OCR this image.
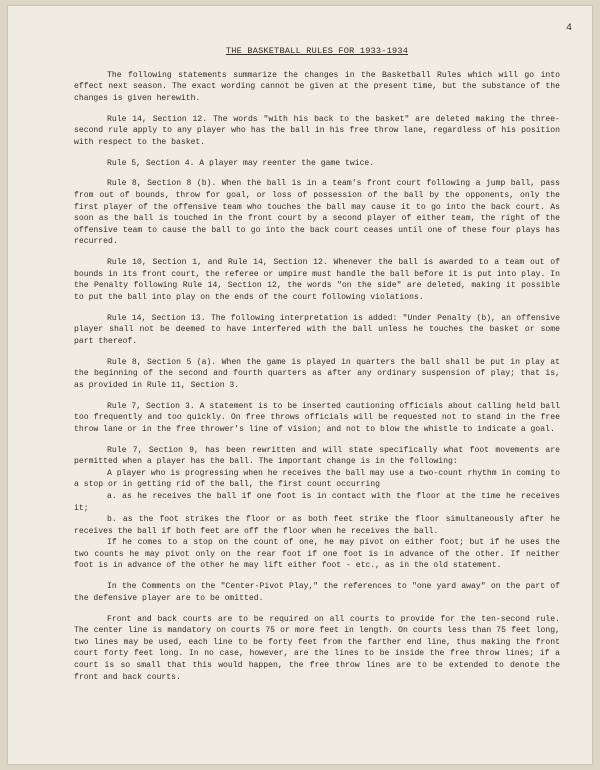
4
THE BASKETBALL RULES FOR 1933-1934

The following statements summarize the changes in the Basketball Rules which will go into effect next season. The exact wording cannot be given at the present time, but the substance of the changes is given herewith.

Rule 14, Section 12. The words "with his back to the basket" are deleted making the three-second rule apply to any player who has the ball in his free throw lane, regardless of his position with respect to the basket.

Rule 5, Section 4. A player may reenter the game twice.

Rule 8, Section 8 (b). When the ball is in a team's front court following a jump ball, pass from out of bounds, throw for goal, or loss of possession of the ball by the opponents, only the first player of the offensive team who touches the ball may cause it to go into the back court. As soon as the ball is touched in the front court by a second player of either team, the right of the offensive team to cause the ball to go into the back court ceases until one of these four plays has recurred.

Rule 10, Section 1, and Rule 14, Section 12. Whenever the ball is awarded to a team out of bounds in its front court, the referee or umpire must handle the ball before it is put into play. In the Penalty following Rule 14, Section 12, the words "on the side" are deleted, making it possible to put the ball into play on the ends of the court following violations.

Rule 14, Section 13. The following interpretation is added: "Under Penalty (b), an offensive player shall not be deemed to have interfered with the ball unless he touches the basket or some part thereof.

Rule 8, Section 5 (a). When the game is played in quarters the ball shall be put in play at the beginning of the second and fourth quarters as after any ordinary suspension of play; that is, as provided in Rule 11, Section 3.

Rule 7, Section 3. A statement is to be inserted cautioning officials about calling held ball too frequently and too quickly. On free throws officials will be requested not to stand in the free throw lane or in the free thrower's line of vision; and not to blow the whistle to indicate a goal.

Rule 7, Section 9, has been rewritten and will state specifically what foot movements are permitted when a player has the ball. The important change is in the following:

A player who is progressing when he receives the ball may use a two-count rhythm in coming to a stop or in getting rid of the ball, the first count occurring

a. as he receives the ball if one foot is in contact with the floor at the time he receives it;

b. as the foot strikes the floor or as both feet strike the floor simultaneously after he receives the ball if both feet are off the floor when he receives the ball.

If he comes to a stop on the count of one, he may pivot on either foot; but if he uses the two counts he may pivot only on the rear foot if one foot is in advance of the other. If neither foot is in advance of the other he may lift either foot - etc., as in the old statement.

In the Comments on the "Center-Pivot Play," the references to "one yard away" on the part of the defensive player are to be omitted.

Front and back courts are to be required on all courts to provide for the ten-second rule. The center line is mandatory on courts 75 or more feet in length. On courts less than 75 feet long, two lines may be used, each line to be forty feet from the farther end line, thus making the front court forty feet long. In no case, however, are the lines to be inside the free throw lines; if a court is so small that this would happen, the free throw lines are to be extended to denote the front and back courts.
